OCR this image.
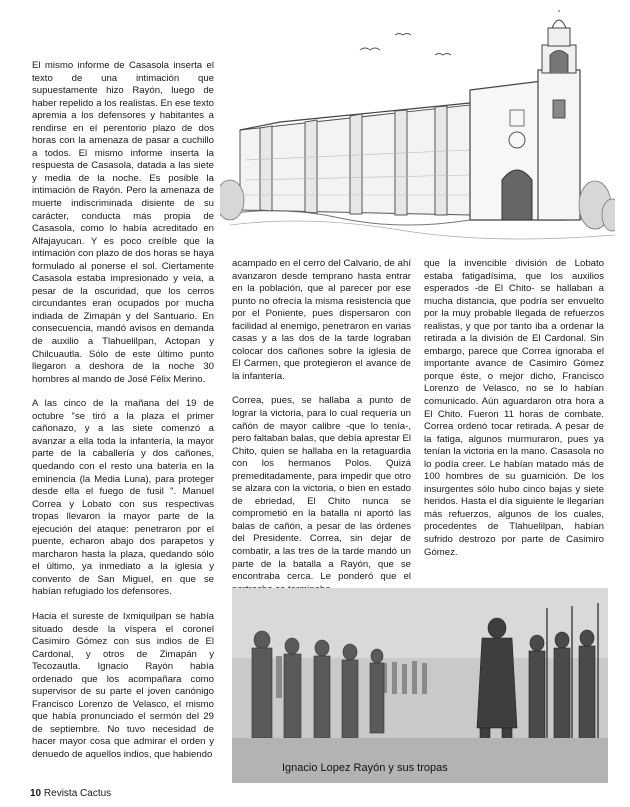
El mismo informe de Casasola inserta el texto de una intimación que supuestamente hizo Rayón, luego de haber repelido a los realistas. En ese texto apremia a los defensores y habitantes a rendirse en el perentorio plazo de dos horas con la amenaza de pasar a cuchillo a todos. El mismo informe inserta la respuesta de Casasola, datada a las siete y media de la noche. Es posible la intimación de Rayón. Pero la amenaza de muerte indiscriminada disiente de su carácter, conducta más propia de Casasola, como lo había acreditado en Alfajayucan. Y es poco creíble que la intimación con plazo de dos horas se haya formulado al ponerse el sol. Ciertamente Casasola estaba impresionado y veía, a pesar de la oscuridad, que los cerros circundantes eran ocupados por mucha indiada de Zimapán y del Santuario. En consecuencia, mandó avisos en demanda de auxilio a Tlahuelilpan, Actopan y Chilcuautla. Sólo de este último punto llegaron a deshora de la noche 30 hombres al mando de José Félix Merino.

A las cinco de la mañana del 19 de octubre "se tiró a la plaza el primer cañonazo, y a las siete comenzó a avanzar a ella toda la infantería, la mayor parte de la caballería y dos cañones, quedando con el resto una batería en la eminencia (la Media Luna), para proteger desde ella el fuego de fusil ". Manuel Correa y Lobato con sus respectivas tropas llevaron la mayor parte de la ejecución del ataque: penetraron por el puente, echaron abajo dos parapetos y marcharon hasta la plaza, quedando sólo el último, ya inmediato a la iglesia y convento de San Miguel, en que se habían refugiado los defensores.

Hacia el sureste de Ixmiquilpan se había situado desde la víspera el coronel Casimiro Gómez con sus indios de El Cardonal, y otros de Zimapán y Tecozautla. Ignacio Rayón había ordenado que los acompañara como supervisor de su parte el joven canónigo Francisco Lorenzo de Velasco, el mismo que había pronunciado el sermón del 29 de septiembre. No tuvo necesidad de hacer mayor cosa que admirar el orden y denuedo de aquellos indios, que habiendo

acampado en el cerro del Calvario, de ahí avanzaron desde temprano hasta entrar en la población, que al parecer por ese punto no ofrecía la misma resistencia que por el Poniente, pues dispersaron con facilidad al enemigo, penetraron en varias casas y a las dos de la tarde lograban colocar dos cañones sobre la iglesia de El Carmen, que protegieron el avance de la infantería.

Correa, pues, se hallaba a punto de lograr la victoria, para lo cual requería un cañón de mayor calibre -que lo tenía-, pero faltaban balas, que debía aprestar El Chito, quien se hallaba en la retaguardia con los hermanos Polos. Quizá premeditadamente, para impedir que otro se alzara con la victoria, o bien en estado de ebriedad, El Chito nunca se comprometió en la batalla ni aportó las balas de cañón, a pesar de las órdenes del Presidente. Correa, sin dejar de combatir, a las tres de la tarde mandó un parte de la batalla a Rayón, que se encontraba cerca. Le ponderó que el

que la invencible división de Lobato estaba fatigadísima, que los auxilios esperados -de El Chito- se hallaban a mucha distancia, que podría ser envuelto por la muy probable llegada de refuerzos realistas, y que por tanto iba a ordenar la retirada a la división de El Cardonal. Sin embargo, parece que Correa ignoraba el importante avance de Casimiro Gómez porque éste, o mejor dicho, Francisco Lorenzo de Velasco, no se lo habían comunicado. Aún aguardaron otra hora a El Chito. Fueron 11 horas de combate. Correa ordenó tocar retirada. A pesar de la fatiga, algunos murmuraron, pues ya tenían la victoria en la mano. Casasola no lo podía creer. Le habían matado más de 100 hombres de su guarnición. De los insurgentes sólo hubo cinco bajas y siete heridos. Hasta el día siguiente le llegarían más refuerzos, algunos de los cuales, procedentes de Tlahuelilpan, habían sufrido destrozo por parte de Casimiro Gómez.

Ignacio Lopez Rayón y sus tropas
10 Revista Cactus
